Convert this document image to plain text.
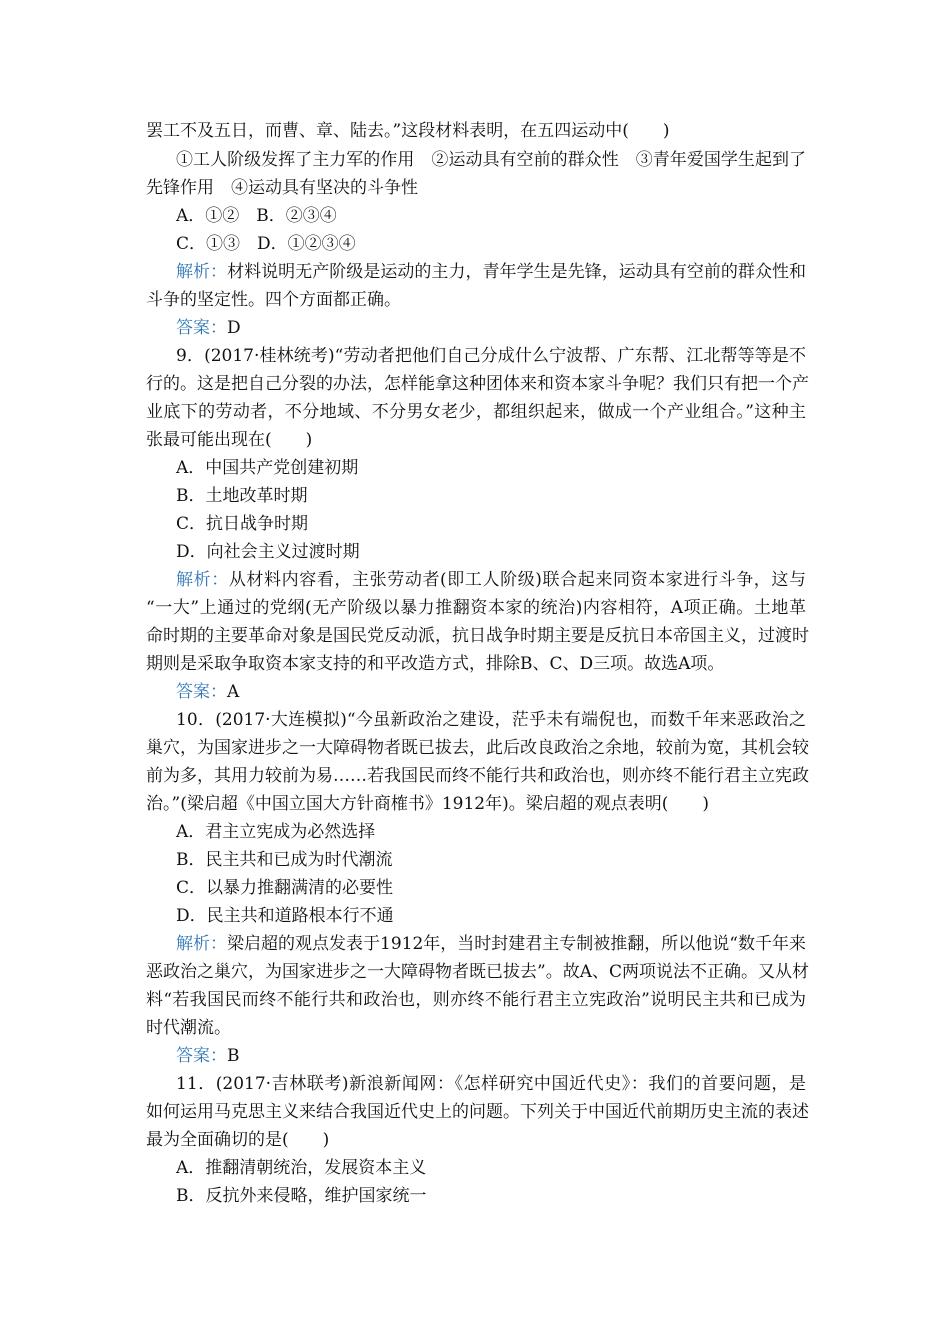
罢工不及五日，而曹、章、陆去。”这段材料表明，在五四运动中( )
①工人阶级发挥了主力军的作用　②运动具有空前的群众性　③青年爱国学生起到了
先锋作用　④运动具有坚决的斗争性
A．①②　B．②③④
C．①③　D．①②③④
解析：材料说明无产阶级是运动的主力，青年学生是先锋，运动具有空前的群众性和
斗争的坚定性。四个方面都正确。
答案：D
9．(2017·桂林统考)“劳动者把他们自己分成什么宁波帮、广东帮、江北帮等等是不
行的。这是把自己分裂的办法，怎样能拿这种团体来和资本家斗争呢？我们只有把一个产
业底下的劳动者，不分地域、不分男女老少，都组织起来，做成一个产业组合。”这种主
张最可能出现在( )
A．中国共产党创建初期
B．土地改革时期
C．抗日战争时期
D．向社会主义过渡时期
解析：从材料内容看，主张劳动者(即工人阶级)联合起来同资本家进行斗争，这与
“一大”上通过的党纲(无产阶级以暴力推翻资本家的统治)内容相符，A项正确。土地革
命时期的主要革命对象是国民党反动派，抗日战争时期主要是反抗日本帝国主义，过渡时
期则是采取争取资本家支持的和平改造方式，排除B、C、D三项。故选A项。
答案：A
10．(2017·大连模拟)“今虽新政治之建设，茫乎未有端倪也，而数千年来恶政治之
巢穴，为国家进步之一大障碍物者既已拔去，此后改良政治之余地，较前为宽，其机会较
前为多，其用力较前为易……若我国民而终不能行共和政治也，则亦终不能行君主立宪政
治。”(梁启超《中国立国大方针商榷书》1912年)。梁启超的观点表明( )
A．君主立宪成为必然选择
B．民主共和已成为时代潮流
C．以暴力推翻满清的必要性
D．民主共和道路根本行不通
解析：梁启超的观点发表于1912年，当时封建君主专制被推翻，所以他说“数千年来
恶政治之巢穴，为国家进步之一大障碍物者既已拔去”。故A、C两项说法不正确。又从材
料“若我国民而终不能行共和政治也，则亦终不能行君主立宪政治”说明民主共和已成为
时代潮流。
答案：B
11．(2017·吉林联考)新浪新闻网：《怎样研究中国近代史》：我们的首要问题，是
如何运用马克思主义来结合我国近代史上的问题。下列关于中国近代前期历史主流的表述
最为全面确切的是( )
A．推翻清朝统治，发展资本主义
B．反抗外来侵略，维护国家统一
